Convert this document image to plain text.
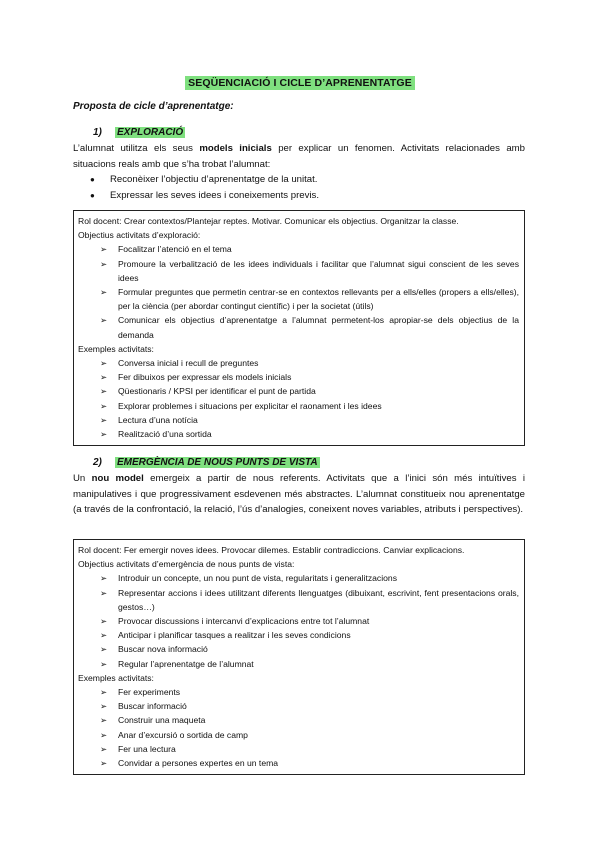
SEQÜENCIACIÓ I CICLE D’APRENENTATGE
Proposta de cicle d’aprenentatge:
1) EXPLORACIÓ
L’alumnat utilitza els seus models inicials per explicar un fenomen. Activitats relacionades amb situacions reals amb que s’ha trobat l’alumnat:
● Reconèixer l’objectiu d’aprenentatge de la unitat.
● Expressar les seves idees i coneixements previs.
Rol docent: Crear contextos/Plantejar reptes. Motivar. Comunicar els objectius. Organitzar la classe.
Objectius activitats d’exploració:
➢ Focalitzar l’atenció en el tema
➢ Promoure la verbalització de les idees individuals i facilitar que l’alumnat sigui conscient de les seves idees
➢ Formular preguntes que permetin centrar-se en contextos rellevants per a ells/elles (propers a ells/elles), per la ciència (per abordar contingut científic) i per la societat (útils)
➢ Comunicar els objectius d’aprenentatge a l’alumnat permetent-los apropiar-se dels objectius de la demanda
Exemples activitats:
➢ Conversa inicial i recull de preguntes
➢ Fer dibuixos per expressar els models inicials
➢ Qüestionaris / KPSI per identificar el punt de partida
➢ Explorar problemes i situacions per explicitar el raonament i les idees
➢ Lectura d’una notícia
➢ Realització d’una sortida
2) EMERGÈNCIA DE NOUS PUNTS DE VISTA
Un nou model emergeix a partir de nous referents. Activitats que a l’inici són més intuïtives i manipulatives i que progressivament esdevenen més abstractes. L’alumnat constitueix nou aprenentatge (a través de la confrontació, la relació, l’ús d’analogies, coneixent noves variables, atributs i perspectives).
Rol docent: Fer emergir noves idees. Provocar dilemes. Establir contradiccions. Canviar explicacions.
Objectius activitats d’emergència de nous punts de vista:
➢ Introduir un concepte, un nou punt de vista, regularitats i generalitzacions
➢ Representar accions i idees utilitzant diferents llenguatges (dibuixant, escrivint, fent presentacions orals, gestos…)
➢ Provocar discussions i intercanvi d’explicacions entre tot l’alumnat
➢ Anticipar i planificar tasques a realitzar i les seves condicions
➢ Buscar nova informació
➢ Regular l’aprenentatge de l’alumnat
Exemples activitats:
➢ Fer experiments
➢ Buscar informació
➢ Construir una maqueta
➢ Anar d’excursió o sortida de camp
➢ Fer una lectura
➢ Convidar a persones expertes en un tema
